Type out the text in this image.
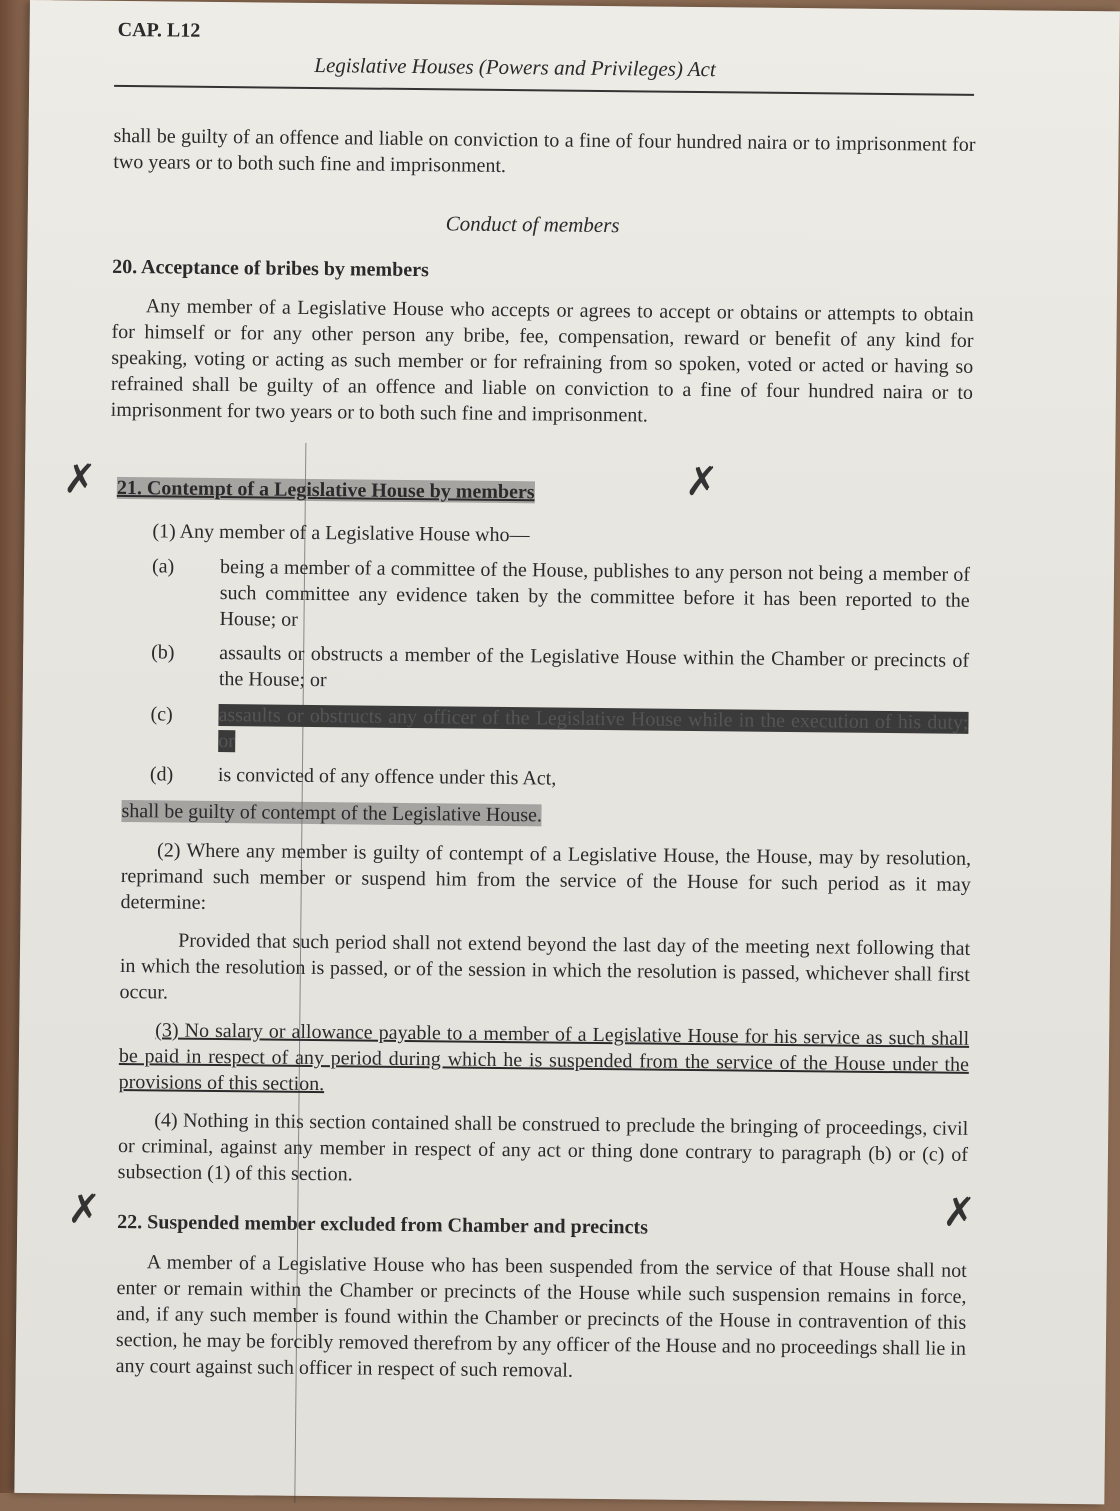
CAP. L12
Legislative Houses (Powers and Privileges) Act
shall be guilty of an offence and liable on conviction to a fine of four hundred naira or to imprisonment for two years or to both such fine and imprisonment.
Conduct of members
20. Acceptance of bribes by members
Any member of a Legislative House who accepts or agrees to accept or obtains or attempts to obtain for himself or for any other person any bribe, fee, compensation, reward or benefit of any kind for speaking, voting or acting as such member or for refraining from so spoken, voted or acted or having so refrained shall be guilty of an offence and liable on conviction to a fine of four hundred naira or to imprisonment for two years or to both such fine and imprisonment.
✗	✗
21. Contempt of a Legislative House by members
(1) Any member of a Legislative House who—
(a) being a member of a committee of the House, publishes to any person not being a member of such committee any evidence taken by the committee before it has been reported to the House; or
(b) assaults or obstructs a member of the Legislative House within the Chamber or precincts of the House; or
(c) assaults or obstructs any officer of the Legislative House while in the execution of his duty; or
(d) is convicted of any offence under this Act,
shall be guilty of contempt of the Legislative House.
(2) Where any member is guilty of contempt of a Legislative House, the House, may by resolution, reprimand such member or suspend him from the service of the House for such period as it may determine:
Provided that such period shall not extend beyond the last day of the meeting next following that in which the resolution is passed, or of the session in which the resolution is passed, whichever shall first occur.
(3) No salary or allowance payable to a member of a Legislative House for his service as such shall be paid in respect of any period during which he is suspended from the service of the House under the provisions of this section.
(4) Nothing in this section contained shall be construed to preclude the bringing of proceedings, civil or criminal, against any member in respect of any act or thing done contrary to paragraph (b) or (c) of subsection (1) of this section.
✗	✗
22. Suspended member excluded from Chamber and precincts
A member of a Legislative House who has been suspended from the service of that House shall not enter or remain within the Chamber or precincts of the House while such suspension remains in force, and, if any such member is found within the Chamber or precincts of the House in contravention of this section, he may be forcibly removed therefrom by any officer of the House and no proceedings shall lie in any court against such officer in respect of such removal.
